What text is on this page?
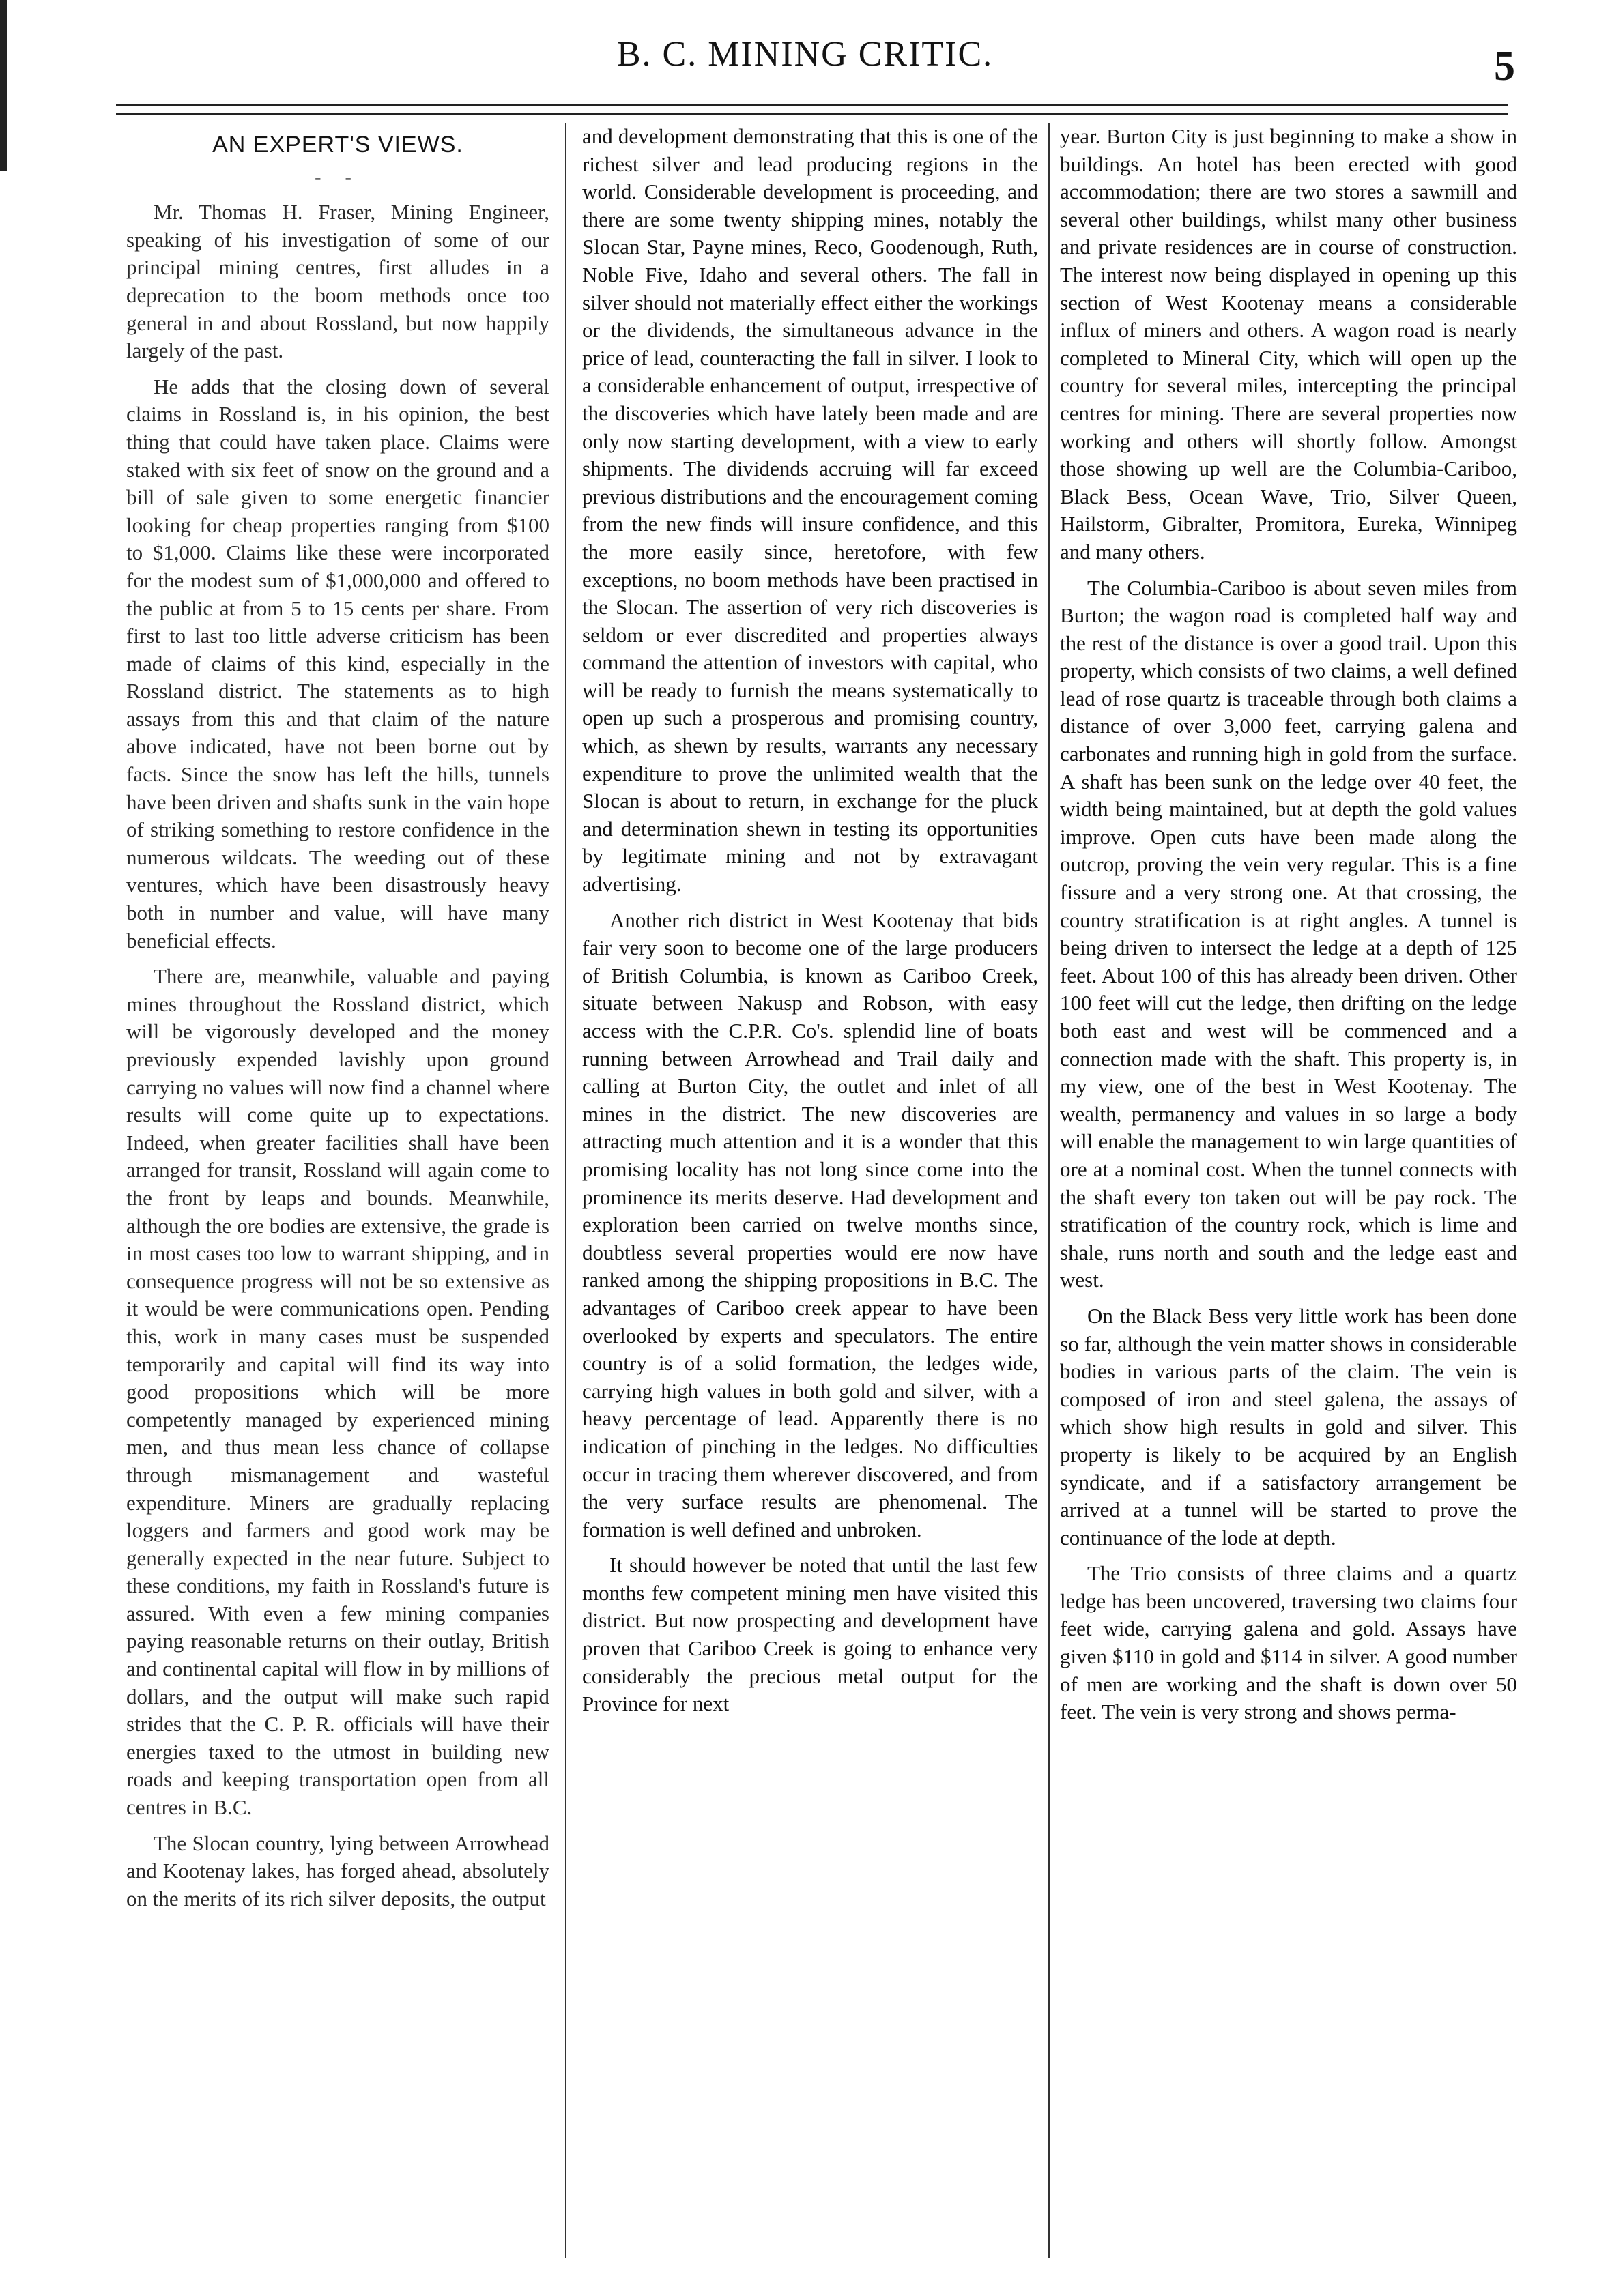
B. C. MINING CRITIC.	5
AN EXPERT'S VIEWS.
- -

Mr. Thomas H. Fraser, Mining Engineer, speaking of his investigation of some of our principal mining centres, first alludes in a deprecation to the boom methods once too general in and about Rossland, but now happily largely of the past.

He adds that the closing down of several claims in Rossland is, in his opinion, the best thing that could have taken place. Claims were staked with six feet of snow on the ground and a bill of sale given to some energetic financier looking for cheap properties ranging from $100 to $1,000. Claims like these were incorporated for the modest sum of $1,000,000 and offered to the public at from 5 to 15 cents per share. From first to last too little adverse criticism has been made of claims of this kind, especially in the Rossland district. The statements as to high assays from this and that claim of the nature above indicated, have not been borne out by facts. Since the snow has left the hills, tunnels have been driven and shafts sunk in the vain hope of striking something to restore confidence in the numerous wildcats. The weeding out of these ventures, which have been disastrously heavy both in number and value, will have many beneficial effects.

There are, meanwhile, valuable and paying mines throughout the Rossland district, which will be vigorously developed and the money previously expended lavishly upon ground carrying no values will now find a channel where results will come quite up to expectations. Indeed, when greater facilities shall have been arranged for transit, Rossland will again come to the front by leaps and bounds. Meanwhile, although the ore bodies are extensive, the grade is in most cases too low to warrant shipping, and in consequence progress will not be so extensive as it would be were communications open. Pending this, work in many cases must be suspended temporarily and capital will find its way into good propositions which will be more competently managed by experienced mining men, and thus mean less chance of collapse through mismanagement and wasteful expenditure. Miners are gradually replacing loggers and farmers and good work may be generally expected in the near future. Subject to these conditions, my faith in Rossland's future is assured. With even a few mining companies paying reasonable returns on their outlay, British and continental capital will flow in by millions of dollars, and the output will make such rapid strides that the C. P. R. officials will have their energies taxed to the utmost in building new roads and keeping transportation open from all centres in B.C.

The Slocan country, lying between Arrowhead and Kootenay lakes, has forged ahead, absolutely on the merits of its rich silver deposits, the output

and development demonstrating that this is one of the richest silver and lead producing regions in the world. Considerable development is proceeding, and there are some twenty shipping mines, notably the Slocan Star, Payne mines, Reco, Goodenough, Ruth, Noble Five, Idaho and several others. The fall in silver should not materially effect either the workings or the dividends, the simultaneous advance in the price of lead, counteracting the fall in silver. I look to a considerable enhancement of output, irrespective of the discoveries which have lately been made and are only now starting development, with a view to early shipments. The dividends accruing will far exceed previous distributions and the encouragement coming from the new finds will insure confidence, and this the more easily since, heretofore, with few exceptions, no boom methods have been practised in the Slocan. The assertion of very rich discoveries is seldom or ever discredited and properties always command the attention of investors with capital, who will be ready to furnish the means systematically to open up such a prosperous and promising country, which, as shewn by results, warrants any necessary expenditure to prove the unlimited wealth that the Slocan is about to return, in exchange for the pluck and determination shewn in testing its opportunities by legitimate mining and not by extravagant advertising.

Another rich district in West Kootenay that bids fair very soon to become one of the large producers of British Columbia, is known as Cariboo Creek, situate between Nakusp and Robson, with easy access with the C.P.R. Co's. splendid line of boats running between Arrowhead and Trail daily and calling at Burton City, the outlet and inlet of all mines in the district. The new discoveries are attracting much attention and it is a wonder that this promising locality has not long since come into the prominence its merits deserve. Had development and exploration been carried on twelve months since, doubtless several properties would ere now have ranked among the shipping propositions in B.C. The advantages of Cariboo creek appear to have been overlooked by experts and speculators. The entire country is of a solid formation, the ledges wide, carrying high values in both gold and silver, with a heavy percentage of lead. Apparently there is no indication of pinching in the ledges. No difficulties occur in tracing them wherever discovered, and from the very surface results are phenomenal. The formation is well defined and unbroken.

It should however be noted that until the last few months few competent mining men have visited this district. But now prospecting and development have proven that Cariboo Creek is going to enhance very considerably the precious metal output for the Province for next

year. Burton City is just beginning to make a show in buildings. An hotel has been erected with good accommodation; there are two stores a sawmill and several other buildings, whilst many other business and private residences are in course of construction. The interest now being displayed in opening up this section of West Kootenay means a considerable influx of miners and others. A wagon road is nearly completed to Mineral City, which will open up the country for several miles, intercepting the principal centres for mining. There are several properties now working and others will shortly follow. Amongst those showing up well are the Columbia-Cariboo, Black Bess, Ocean Wave, Trio, Silver Queen, Hailstorm, Gibralter, Promitora, Eureka, Winnipeg and many others.

The Columbia-Cariboo is about seven miles from Burton; the wagon road is completed half way and the rest of the distance is over a good trail. Upon this property, which consists of two claims, a well defined lead of rose quartz is traceable through both claims a distance of over 3,000 feet, carrying galena and carbonates and running high in gold from the surface. A shaft has been sunk on the ledge over 40 feet, the width being maintained, but at depth the gold values improve. Open cuts have been made along the outcrop, proving the vein very regular. This is a fine fissure and a very strong one. At that crossing, the country stratification is at right angles. A tunnel is being driven to intersect the ledge at a depth of 125 feet. About 100 of this has already been driven. Other 100 feet will cut the ledge, then drifting on the ledge both east and west will be commenced and a connection made with the shaft. This property is, in my view, one of the best in West Kootenay. The wealth, permanency and values in so large a body will enable the management to win large quantities of ore at a nominal cost. When the tunnel connects with the shaft every ton taken out will be pay rock. The stratification of the country rock, which is lime and shale, runs north and south and the ledge east and west.

On the Black Bess very little work has been done so far, although the vein matter shows in considerable bodies in various parts of the claim. The vein is composed of iron and steel galena, the assays of which show high results in gold and silver. This property is likely to be acquired by an English syndicate, and if a satisfactory arrangement be arrived at a tunnel will be started to prove the continuance of the lode at depth.

The Trio consists of three claims and a quartz ledge has been uncovered, traversing two claims four feet wide, carrying galena and gold. Assays have given $110 in gold and $114 in silver. A good number of men are working and the shaft is down over 50 feet. The vein is very strong and shows perma-
